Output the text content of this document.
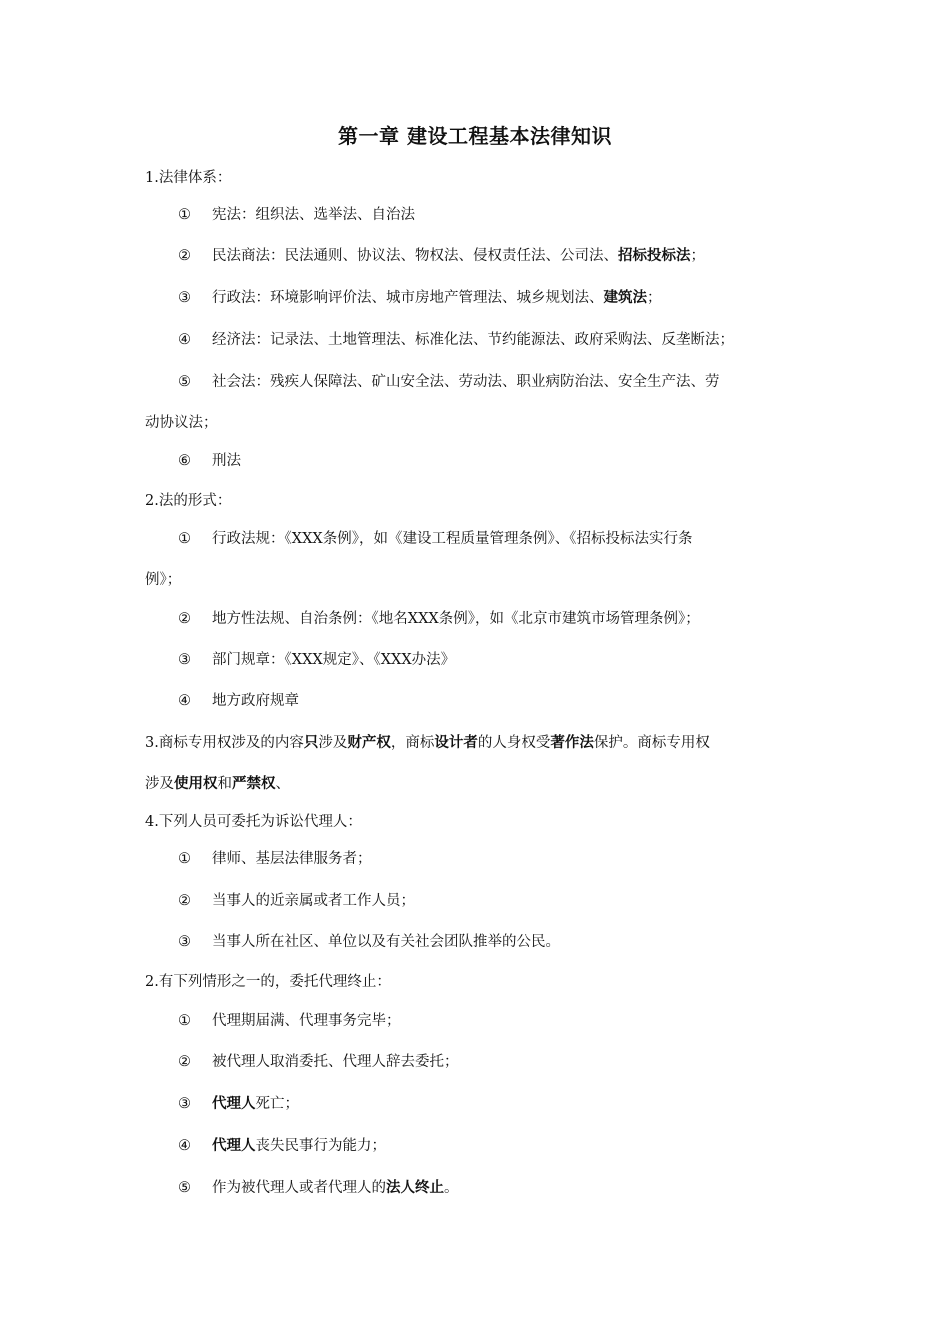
第一章 建设工程基本法律知识
1.法律体系：
① 宪法：组织法、选举法、自治法
② 民法商法：民法通则、协议法、物权法、侵权责任法、公司法、招标投标法；
③ 行政法：环境影响评价法、城市房地产管理法、城乡规划法、建筑法；
④ 经济法：记录法、土地管理法、标准化法、节约能源法、政府采购法、反垄断法；
⑤ 社会法：残疾人保障法、矿山安全法、劳动法、职业病防治法、安全生产法、劳
动协议法；
⑥ 刑法
2.法的形式：
① 行政法规：《XXX条例》，如《建设工程质量管理条例》、《招标投标法实行条
例》；
② 地方性法规、自治条例：《地名XXX条例》，如《北京市建筑市场管理条例》；
③ 部门规章：《XXX规定》、《XXX办法》
④ 地方政府规章
3.商标专用权涉及的内容只涉及财产权，商标设计者的人身权受著作法保护。商标专用权
涉及使用权和严禁权、
4.下列人员可委托为诉讼代理人：
① 律师、基层法律服务者；
② 当事人的近亲属或者工作人员；
③ 当事人所在社区、单位以及有关社会团队推举的公民。
2.有下列情形之一的，委托代理终止：
① 代理期届满、代理事务完毕；
② 被代理人取消委托、代理人辞去委托；
③ 代理人死亡；
④ 代理人丧失民事行为能力；
⑤ 作为被代理人或者代理人的法人终止。
